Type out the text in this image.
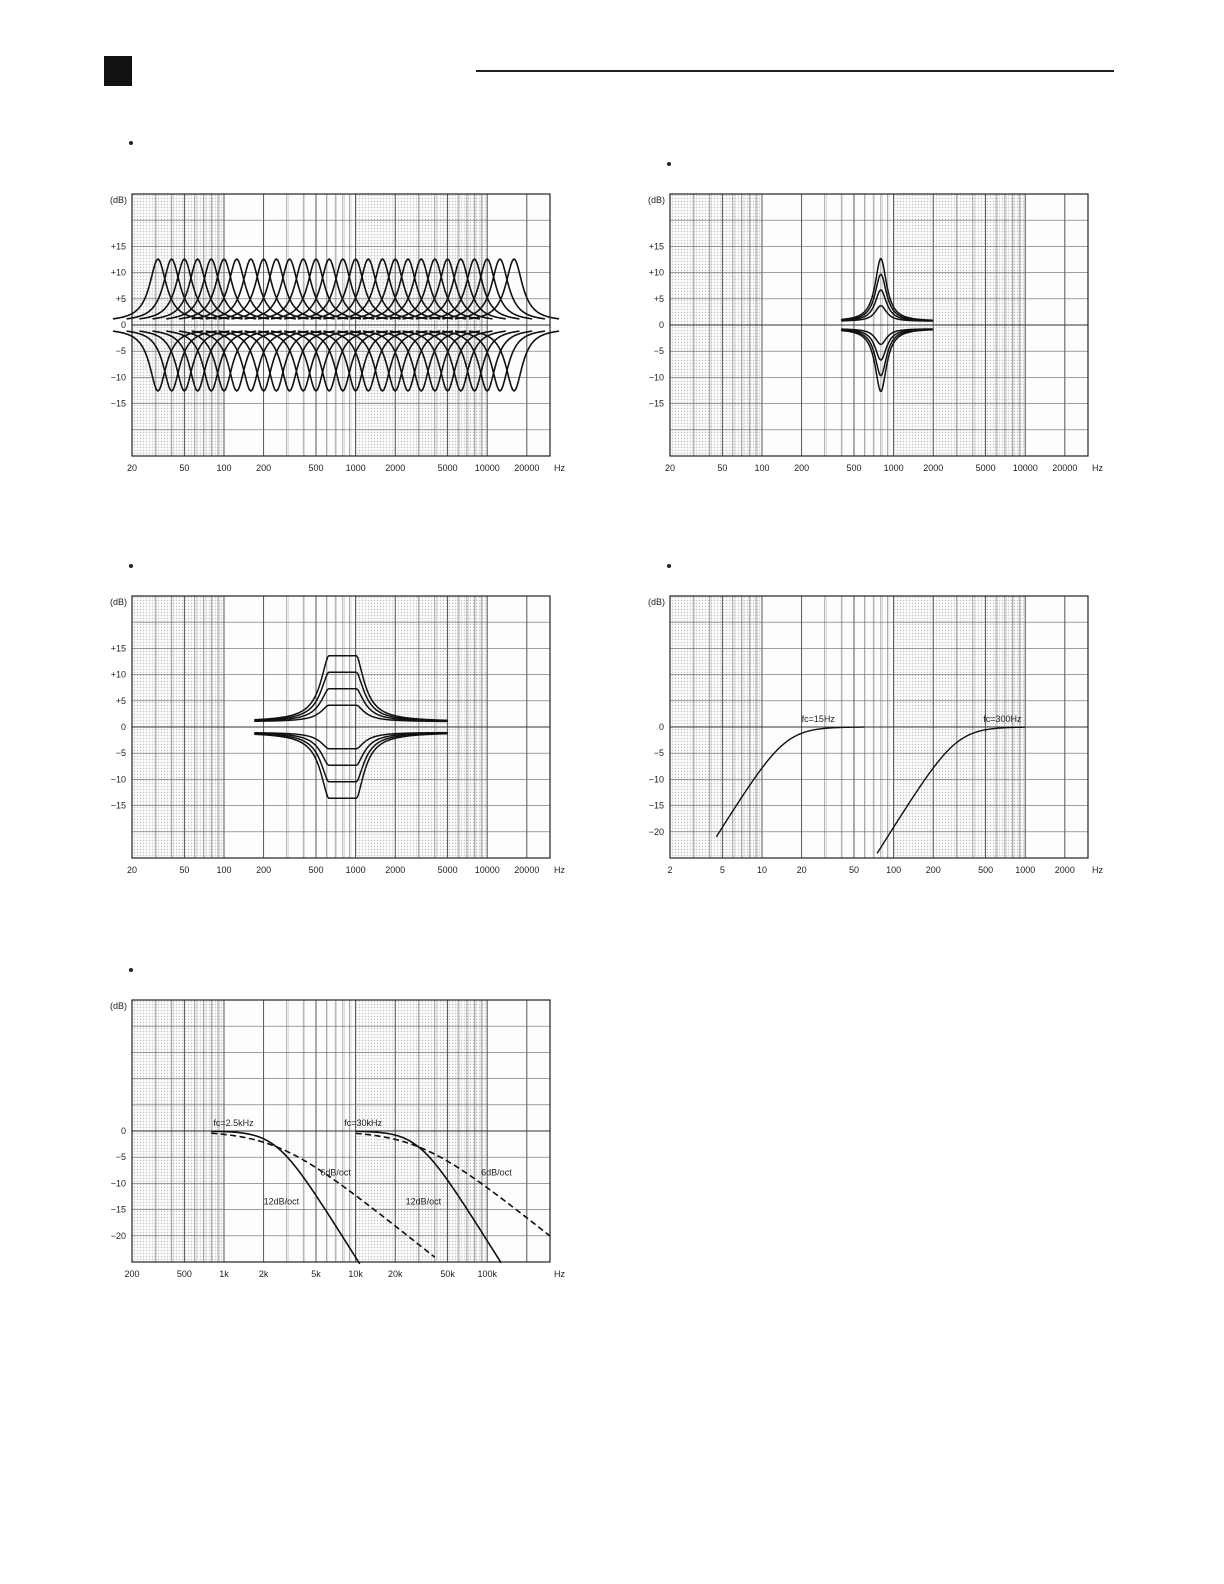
(dB)
+15
+10
+5
0
−5
−10
−15
20	50	100	200	500 1000 2000	5000 10000 20000 Hz
(dB)
+15
+10
+5
0
−5
−10
−15
20	50	100	200	500 1000 2000	5000 10000 20000 Hz
(dB)
+15
+10
+5
0
−5
−10
−15
20	50	100	200	500 1000 2000	5000 10000 20000 Hz
(dB)
0
−5
−10
−15
−20
2	5	10	20	50	100	200	500 1000 2000 Hz
fc=15Hz	fc=300Hz
(dB)
0
−5
−10
−15
−20
200	500	1k	2k	5k	10k	20k	50k	100k	Hz
fc=2.5kHz	fc=30kHz
6dB/oct
12dB/oct
6dB/oct
12dB/oct
